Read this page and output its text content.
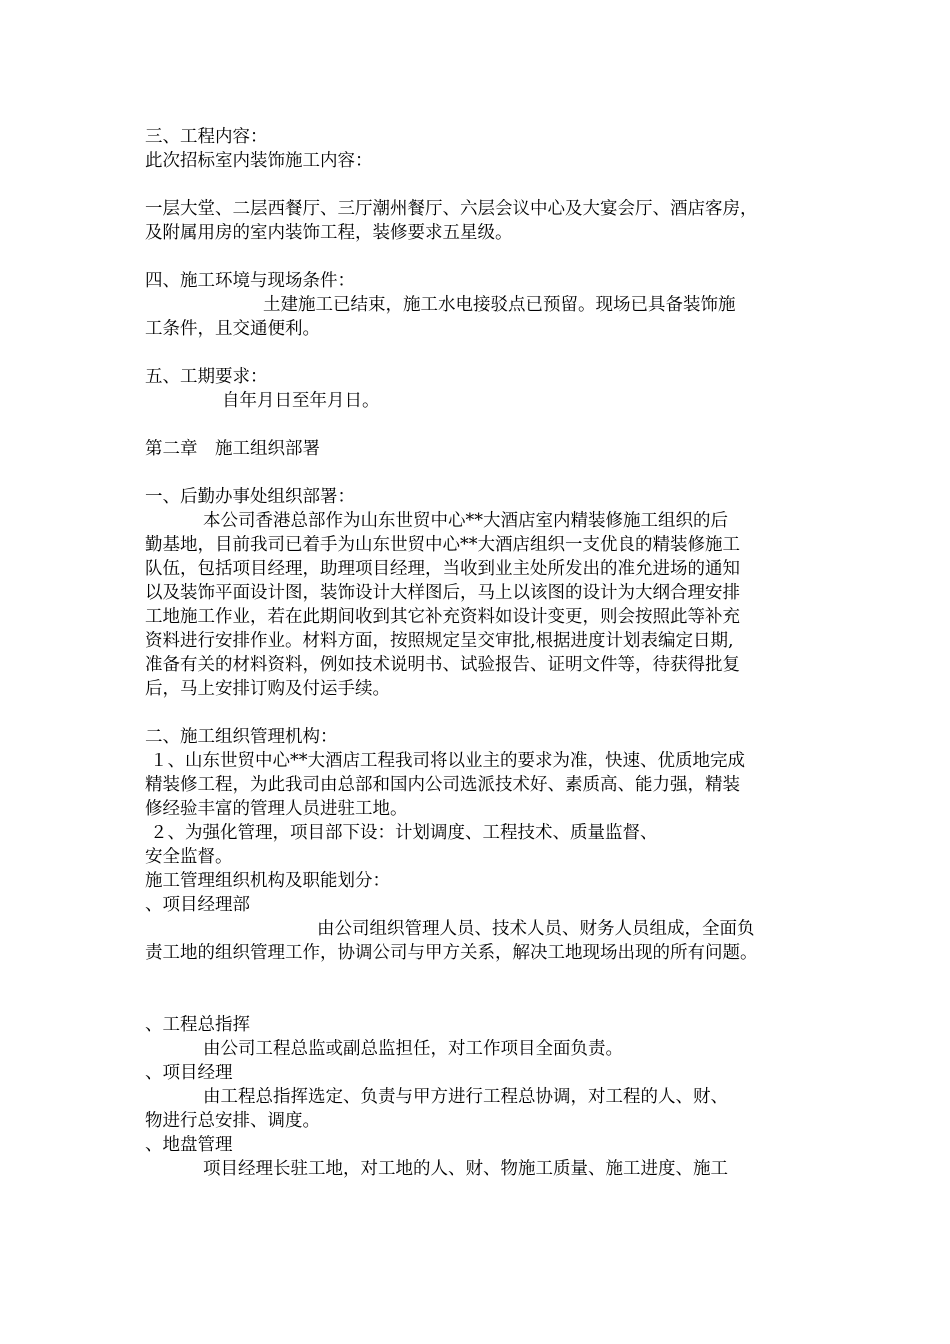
三、工程内容：
此次招标室内装饰施工内容：
一层大堂、二层西餐厅、三厅潮州餐厅、六层会议中心及大宴会厅、酒店客房，
及附属用房的室内装饰工程，装修要求五星级。
四、施工环境与现场条件：
土建施工已结束，施工水电接驳点已预留。现场已具备装饰施
工条件，且交通便利。
五、工期要求：
自年月日至年月日。
第二章　施工组织部署
一、后勤办事处组织部署：
本公司香港总部作为山东世贸中心**大酒店室内精装修施工组织的后
勤基地，目前我司已着手为山东世贸中心**大酒店组织一支优良的精装修施工
队伍，包括项目经理，助理项目经理，当收到业主处所发出的准允进场的通知
以及装饰平面设计图，装饰设计大样图后，马上以该图的设计为大纲合理安排
工地施工作业，若在此期间收到其它补充资料如设计变更，则会按照此等补充
资料进行安排作业。材料方面，按照规定呈交审批,根据进度计划表编定日期,
准备有关的材料资料，例如技术说明书、试验报告、证明文件等，待获得批复
后，马上安排订购及付运手续。
二、施工组织管理机构：
１、山东世贸中心**大酒店工程我司将以业主的要求为准，快速、优质地完成
精装修工程，为此我司由总部和国内公司选派技术好、素质高、能力强，精装
修经验丰富的管理人员进驻工地。
２、为强化管理，项目部下设：计划调度、工程技术、质量监督、
安全监督。
施工管理组织机构及职能划分：
、项目经理部
由公司组织管理人员、技术人员、财务人员组成，全面负
责工地的组织管理工作，协调公司与甲方关系，解决工地现场出现的所有问题。
、工程总指挥
由公司工程总监或副总监担任，对工作项目全面负责。
、项目经理
由工程总指挥选定、负责与甲方进行工程总协调，对工程的人、财、
物进行总安排、调度。
、地盘管理
项目经理长驻工地，对工地的人、财、物施工质量、施工进度、施工
